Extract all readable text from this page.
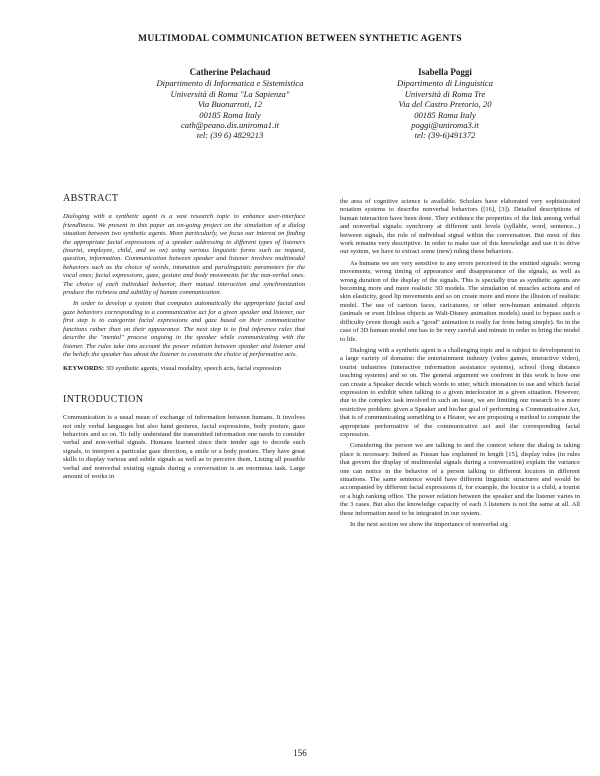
MULTIMODAL COMMUNICATION BETWEEN SYNTHETIC AGENTS
Catherine Pelachaud
Dipartimento di Informatica e Sistemistica
Università di Roma "La Sapienza"
Via Buonarroti, 12
00185 Roma Italy
cath@peano.dis.uniroma1.it
tel: (39 6) 4829213
Isabella Poggi
Dipartimento di Linguistica
Università di Roma Tre
Via del Castro Pretorio, 20
00185 Roma Italy
poggi@uniroma3.it
tel: (39-6)491372
ABSTRACT

Dialoging with a synthetic agent is a vast research topic to enhance user-interface friendliness. We present in this paper an on-going project on the simulation of a dialog situation between two synthetic agents. More particularly, we focus our interest on finding the appropriate facial expressions of a speaker addressing to different types of listeners (tourist, employee, child, and so on) using various linguistic forms such as request, question, information. Communication between speaker and listener involves multimodal behaviors such as the choice of words, intonation and paralinguistic parameters for the vocal ones; facial expressions, gaze, gesture and body movements for the non-verbal ones. The choice of each individual behavior, their mutual interaction and synchronization produce the richness and subtility of human communication.

In order to develop a system that computes automatically the appropriate facial and gaze behaviors corresponding to a communicative act for a given speaker and listener, our first step is to categorize facial expressions and gaze based on their communicative functions rather than on their appearance. The next step is to find inference rules that describe the "mental" process ongoing in the speaker while communicating with the listener. The rules take into account the power relation between speaker and listener and the beliefs the speaker has about the listener to constrain the choice of performative acts.

KEYWORDS: 3D synthetic agents, visual modality, speech acts, facial expression
INTRODUCTION

Communication is a usual mean of exchange of information between humans. It involves not only verbal languages but also hand gestures, facial expressions, body posture, gaze behaviors and so on. To fully understand the transmitted information one needs to consider verbal and non-verbal signals. Humans learned since their tender age to decode such signals, to interpret a particular gaze direction, a smile or a body posture. They have great skills to display various and subtle signals as well as to perceive them. Listing all possible verbal and nonverbal existing signals during a conversation is an enormous task. Large amount of works in

the area of cognitive science is available. Scholars have elaborated very sophisticated notation systems to describe nonverbal behaviors ([16], [3]). Detailed descriptions of human interaction have been done. They evidence the properties of the link among verbal and nonverbal signals: synchrony at different unit levels (syllable, word, sentence...) between signals, the role of individual signal within the conversation. But most of this work remains very descriptive. In order to make use of this knowledge and use it to drive our system, we have to extract some (new) ruling these behaviors.

As humans we are very sensitive to any errors perceived in the emitted signals: wrong movements, wrong timing of appearance and disappearance of the signals, as well as wrong duration of the display of the signals. This is specially true as synthetic agents are becoming more and more realistic 3D models. The simulation of muscles actions and of skin elasticity, good lip movements and so on create more and more the illusion of realistic model. The use of cartoon faces, caricatures, or other non-human animated objects (animals or even lifeless objects as Walt-Disney animation models) used to bypass such a difficulty (even though such a "good" animation is really far from being simple). So in the case of 3D human model one has to be very careful and minute in order to bring the model to life.

Dialoging with a synthetic agent is a challenging topic and is subject to development in a large variety of domains: the entertainment industry (video games, interactive video), tourist industries (interactive information assistance systems), school (long distance teaching systems) and so on. The general argument we confront in this work is how one can create a Speaker decide which words to utter, which intonation to use and which facial expression to exhibit when talking to a given interlocutor in a given situation. However, due to the complex task involved in such an issue, we are limiting our research to a more restrictive problem: given a Speaker and his/her goal of performing a Communicative Act, that is of communicating something to a Hearer, we are proposing a method to compute the appropriate performative of the communicative act and the corresponding facial expression.

Considering the person we are talking to and the context where the dialog is taking place is necessary. Indeed as Fussan has explained in length [15], display rules (in rules that govern the display of multimodal signals during a conversation) explain the variance one can notice in the behavior of a person talking to different locutors in different situations. The same sentence would have different linguistic structures and would be accompanied by different facial expressions if, for example, the locutor is a child, a tourist or a high ranking office. The power relation between the speaker and the listener varies in the 3 cases. But also the knowledge capacity of each 3 listeners is not the same at all. All these information need to be integrated in our system.

In the next section we show the importance of nonverbal sig

156
